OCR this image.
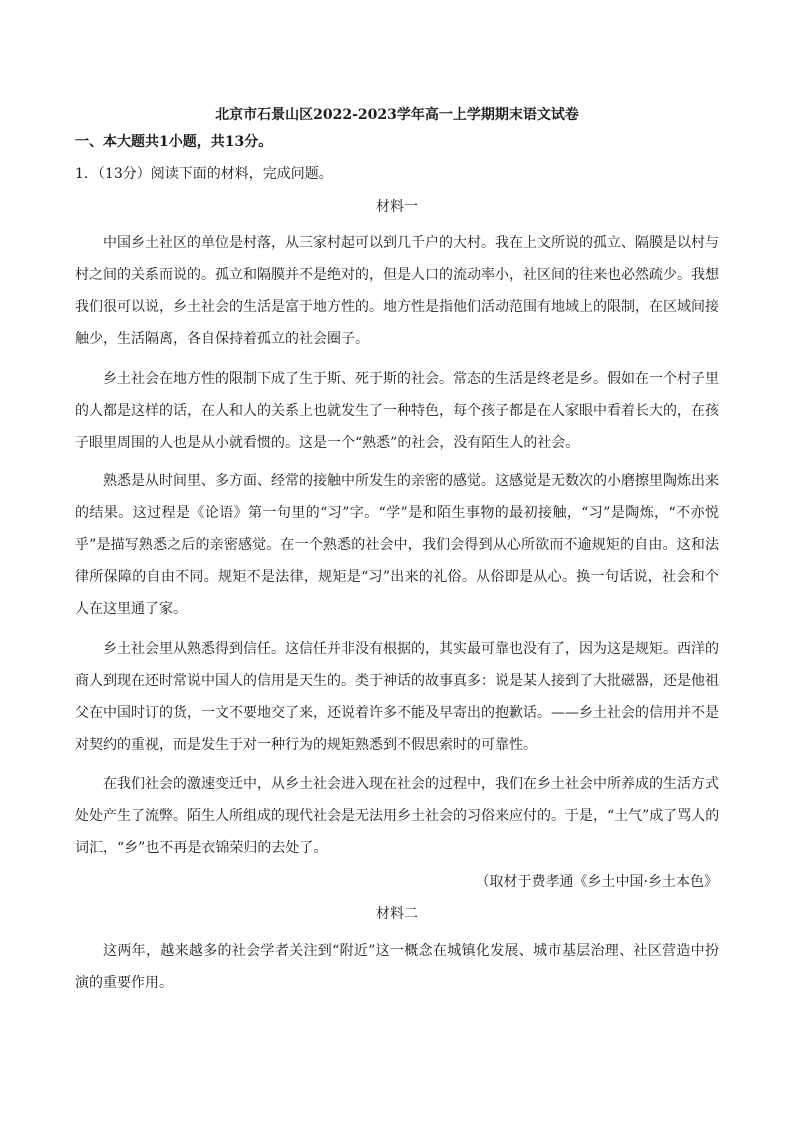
北京市石景山区2022-2023学年高一上学期期末语文试卷
一、本大题共1小题，共13分。
1．（13分）阅读下面的材料，完成问题。
材料一
中国乡土社区的单位是村落，从三家村起可以到几千户的大村。我在上文所说的孤立、隔膜是以村与
村之间的关系而说的。孤立和隔膜并不是绝对的，但是人口的流动率小，社区间的往来也必然疏少。我想
我们很可以说，乡土社会的生活是富于地方性的。地方性是指他们活动范围有地域上的限制，在区域间接
触少，生活隔离，各自保持着孤立的社会圈子。
乡土社会在地方性的限制下成了生于斯、死于斯的社会。常态的生活是终老是乡。假如在一个村子里
的人都是这样的话，在人和人的关系上也就发生了一种特色，每个孩子都是在人家眼中看着长大的，在孩
子眼里周围的人也是从小就看惯的。这是一个“熟悉”的社会，没有陌生人的社会。
熟悉是从时间里、多方面、经常的接触中所发生的亲密的感觉。这感觉是无数次的小磨擦里陶炼出来
的结果。这过程是《论语》第一句里的“习”字。“学”是和陌生事物的最初接触，“习”是陶炼，“不亦悦
乎”是描写熟悉之后的亲密感觉。在一个熟悉的社会中，我们会得到从心所欲而不逾规矩的自由。这和法
律所保障的自由不同。规矩不是法律，规矩是“习”出来的礼俗。从俗即是从心。换一句话说，社会和个
人在这里通了家。
乡土社会里从熟悉得到信任。这信任并非没有根据的，其实最可靠也没有了，因为这是规矩。西洋的
商人到现在还时常说中国人的信用是天生的。类于神话的故事真多：说是某人接到了大批磁器，还是他祖
父在中国时订的货，一文不要地交了来，还说着许多不能及早寄出的抱歉话。——乡土社会的信用并不是
对契约的重视，而是发生于对一种行为的规矩熟悉到不假思索时的可靠性。
在我们社会的激速变迁中，从乡土社会进入现在社会的过程中，我们在乡土社会中所养成的生活方式
处处产生了流弊。陌生人所组成的现代社会是无法用乡土社会的习俗来应付的。于是，“土气”成了骂人的
词汇，“乡”也不再是衣锦荣归的去处了。
（取材于费孝通《乡土中国·乡土本色》
材料二
这两年，越来越多的社会学者关注到“附近”这一概念在城镇化发展、城市基层治理、社区营造中扮
演的重要作用。
